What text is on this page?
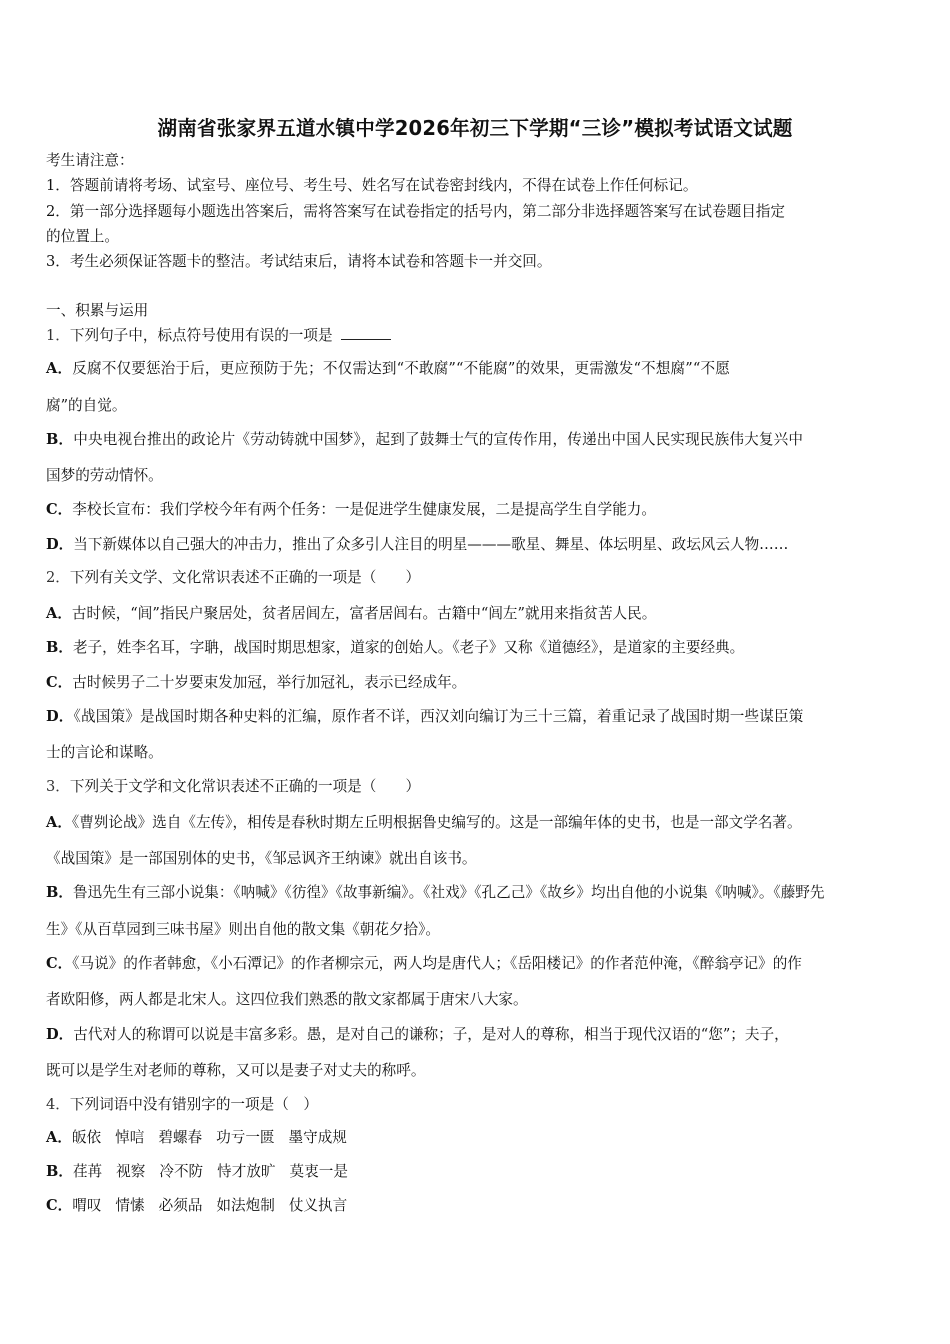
湖南省张家界五道水镇中学2026年初三下学期“三诊”模拟考试语文试题
考生请注意：
1．答题前请将考场、试室号、座位号、考生号、姓名写在试卷密封线内，不得在试卷上作任何标记。
2．第一部分选择题每小题选出答案后，需将答案写在试卷指定的括号内，第二部分非选择题答案写在试卷题目指定
的位置上。
3．考生必须保证答题卡的整洁。考试结束后，请将本试卷和答题卡一并交回。
一、积累与运用
1．下列句子中，标点符号使用有误的一项是
A．反腐不仅要惩治于后，更应预防于先；不仅需达到“不敢腐”“不能腐”的效果，更需激发“不想腐”“不愿
腐”的自觉。
B．中央电视台推出的政论片《劳动铸就中国梦》，起到了鼓舞士气的宣传作用，传递出中国人民实现民族伟大复兴中
国梦的劳动情怀。
C．李校长宣布：我们学校今年有两个任务：一是促进学生健康发展，二是提高学生自学能力。
D．当下新媒体以自己强大的冲击力，推出了众多引人注目的明星———歌星、舞星、体坛明星、政坛风云人物……
2．下列有关文学、文化常识表述不正确的一项是（　　）
A．古时候，“闾”指民户聚居处，贫者居闾左，富者居闾右。古籍中“闾左”就用来指贫苦人民。
B．老子，姓李名耳，字聃，战国时期思想家，道家的创始人。《老子》又称《道德经》，是道家的主要经典。
C．古时候男子二十岁要束发加冠，举行加冠礼，表示已经成年。
D．《战国策》是战国时期各种史料的汇编，原作者不详，西汉刘向编订为三十三篇，着重记录了战国时期一些谋臣策
士的言论和谋略。
3．下列关于文学和文化常识表述不正确的一项是（　　）
A．《曹刿论战》选自《左传》，相传是春秋时期左丘明根据鲁史编写的。这是一部编年体的史书，也是一部文学名著。
《战国策》是一部国别体的史书，《邹忌讽齐王纳谏》就出自该书。
B．鲁迅先生有三部小说集：《呐喊》《彷徨》《故事新编》。《社戏》《孔乙己》《故乡》均出自他的小说集《呐喊》。《藤野先
生》《从百草园到三味书屋》则出自他的散文集《朝花夕拾》。
C．《马说》的作者韩愈，《小石潭记》的作者柳宗元，两人均是唐代人；《岳阳楼记》的作者范仲淹，《醉翁亭记》的作
者欧阳修，两人都是北宋人。这四位我们熟悉的散文家都属于唐宋八大家。
D．古代对人的称谓可以说是丰富多彩。愚，是对自己的谦称；子，是对人的尊称，相当于现代汉语的“您”；夫子，
既可以是学生对老师的尊称，又可以是妻子对丈夫的称呼。
4．下列词语中没有错别字的一项是（　）
A．皈依 悼唁 碧螺春 功亏一匮 墨守成规
B．荏苒 视察 冷不防 恃才放旷 莫衷一是
C．喟叹 情愫 必须品 如法炮制 仗义执言
